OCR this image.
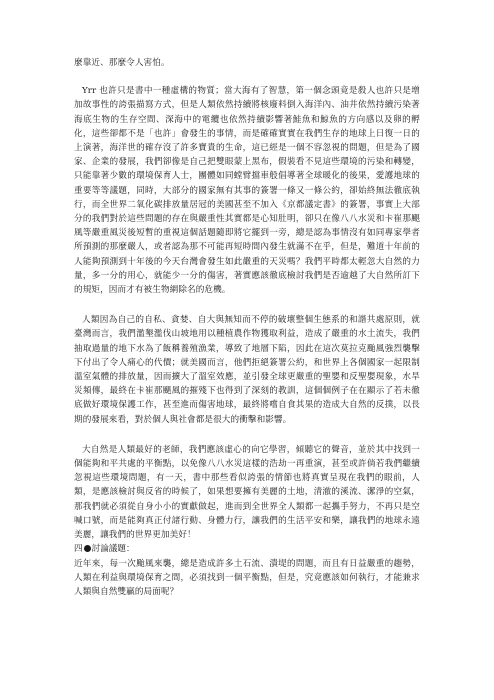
麼靠近、那麼令人害怕。

Yrr 也許只是書中一種虛構的物質；當大海有了智慧，第一個念頭竟是殺人也許只是增加故事性的誇張描寫方式，但是人類依然持續將核廢料倒入海洋內、油井依然持續污染著海底生物的生存空間、深海中的電纜也依然持續影響著鮭魚和鯨魚的方向感以及卵的孵化，這些卻都不是「也許」會發生的事情，而是確確實實在我們生存的地球上日復一日的上演著，海洋世的確存沒了許多寶貴的生命，這已經是一個不容忽視的問題，但是為了國家、企業的發展，我們卻像是自己把雙眼蒙上黑布，假裝看不見這些環境的污染和轉變，只能靠著少數的環境保育人士，團體如同螳臂擋車般倡導著全球暖化的後果，愛護地球的重要等等議題，同時，大部分的國家無有其事的簽署一條又一條公約，卻始終無法徹底執行，而全世界二氧化碳排放量居冠的美國甚至不加入《京都議定書》的簽署，事實上大部分的我們對於這些問題的存在與嚴重性其實都是心知肚明，卻只在像八八水災和卡崔那颶風等嚴重風災後短暫的重視這個話題隨即將它擺到一旁，總是認為事情沒有如同專家學者所預測的那麼嚴人，或者認為那不可能再短時間內發生就滿不在乎，但是，難道十年前的人能夠預測到十年後的今天台灣會發生如此嚴重的天災嗎？我們平時都太輕忽大自然的力量，多一分的用心，就能少一分的傷害，著實應該徹底檢討我們是否逾越了大自然所訂下的規矩，因而才有被生物網除名的危機。

人類因為自己的自私、貪婪、自大與無知而不停的破壞整個生態系的和諧共處原則，就臺灣而言，我們濫墾濫伐山坡地用以種植農作物獲取利益，造成了嚴重的水土流失，我們抽取過量的地下水為了飯稱養殖漁業，導致了地層下陷，因此在這次莫拉克颱風強烈襲擊下付出了令人痛心的代價；就美國而言，他們拒絕簽署公約，和世界上各個國家一起限制溫室氣體的排放量，因而擴大了溫室效應，並引發全球更嚴重的聖嬰和反聖嬰現象，水旱災頻傳，最終在卡崔那颶風的摧殘下也得到了深刻的教訓，這個個例子在在顯示了若未徹底做好環境保護工作，甚至進而傷害地球，最終將嚐自食其果的造成大自然的反撲，以長期的發展來看，對於個人與社會都是很大的衝擊和影響。

大自然是人類最好的老師，我們應該虛心的向它學習，傾聽它的聲音，並於其中找到一個能夠和平共處的平衡點，以免像八八水災這樣的浩劫一再重演，甚至或許倘若我們繼續忽視這些環境問題，有一天，書中那些看似誇張的情節也將真實呈現在我們的眼前，人類，是應該檢討與反省的時候了，如果想要擁有美麗的土地，清澈的溪流、潔淨的空氣，那我們就必須從自身小小的實獻做起，進而到全世界全人類都一起攜手努力，不再只是空喊口號，而是能夠真正付諸行動、身體力行，讓我們的生活平安和樂，讓我們的地球永遠美麗，讓我們的世界更加美好！

四 討論議題：

近年來，每一次颱風來襲，總是造成許多土石流、潰堤的問題，而且有日益嚴重的趨勢，人類在利益與環境保育之間，必須找到一個平衡點，但是，究竟應該如何執行，才能兼求人類與自然雙贏的局面呢？
